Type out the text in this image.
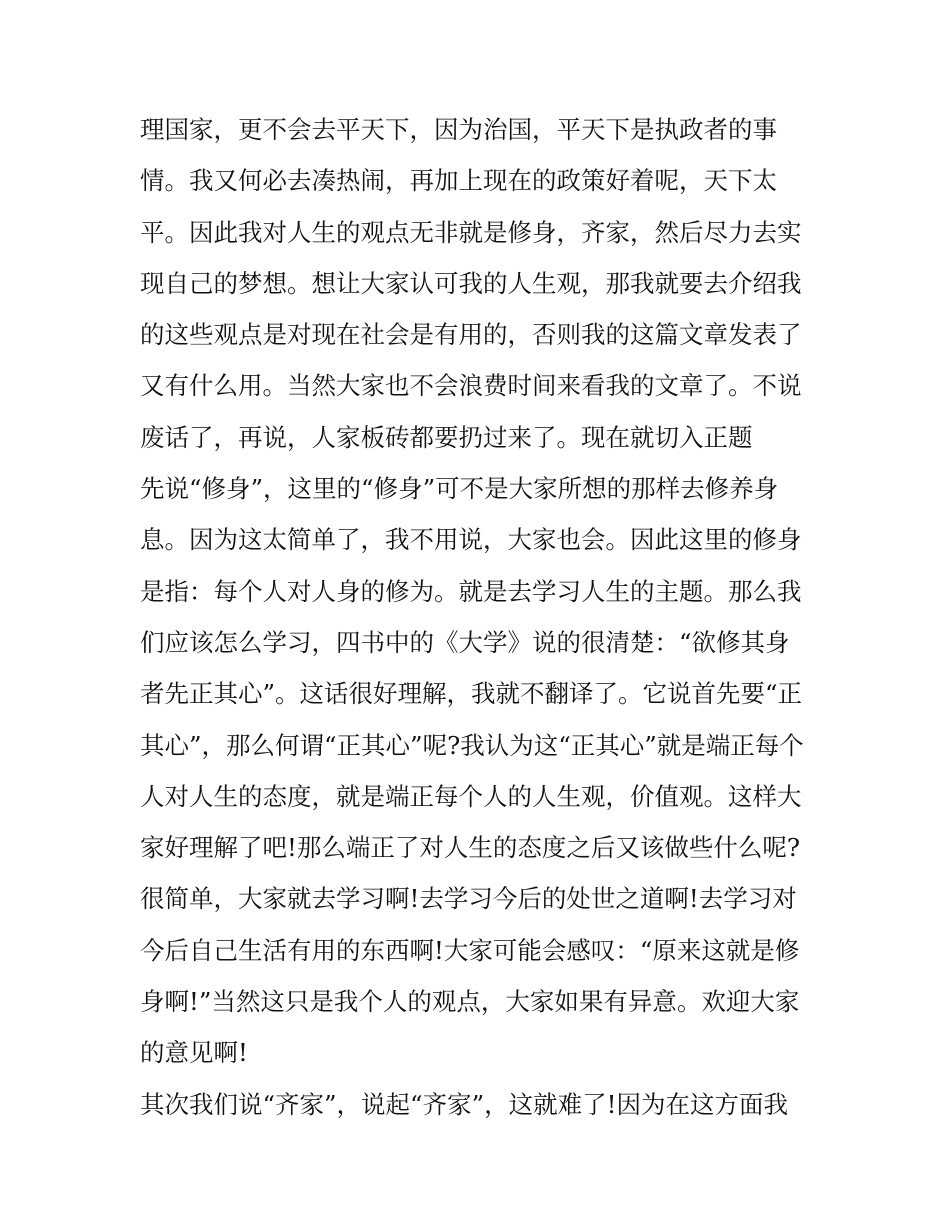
理国家，更不会去平天下，因为治国，平天下是执政者的事
情。我又何必去凑热闹，再加上现在的政策好着呢，天下太
平。因此我对人生的观点无非就是修身，齐家，然后尽力去实
现自己的梦想。想让大家认可我的人生观，那我就要去介绍我
的这些观点是对现在社会是有用的，否则我的这篇文章发表了
又有什么用。当然大家也不会浪费时间来看我的文章了。不说
废话了，再说，人家板砖都要扔过来了。现在就切入正题
先说“修身”，这里的“修身”可不是大家所想的那样去修养身
息。因为这太简单了，我不用说，大家也会。因此这里的修身
是指：每个人对人身的修为。就是去学习人生的主题。那么我
们应该怎么学习，四书中的《大学》说的很清楚：“欲修其身
者先正其心”。这话很好理解，我就不翻译了。它说首先要“正
其心”，那么何谓“正其心”呢?我认为这“正其心”就是端正每个
人对人生的态度，就是端正每个人的人生观，价值观。这样大
家好理解了吧!那么端正了对人生的态度之后又该做些什么呢?
很简单，大家就去学习啊!去学习今后的处世之道啊!去学习对
今后自己生活有用的东西啊!大家可能会感叹：“原来这就是修
身啊!”当然这只是我个人的观点，大家如果有异意。欢迎大家
的意见啊!
其次我们说“齐家”，说起“齐家”，这就难了!因为在这方面我
